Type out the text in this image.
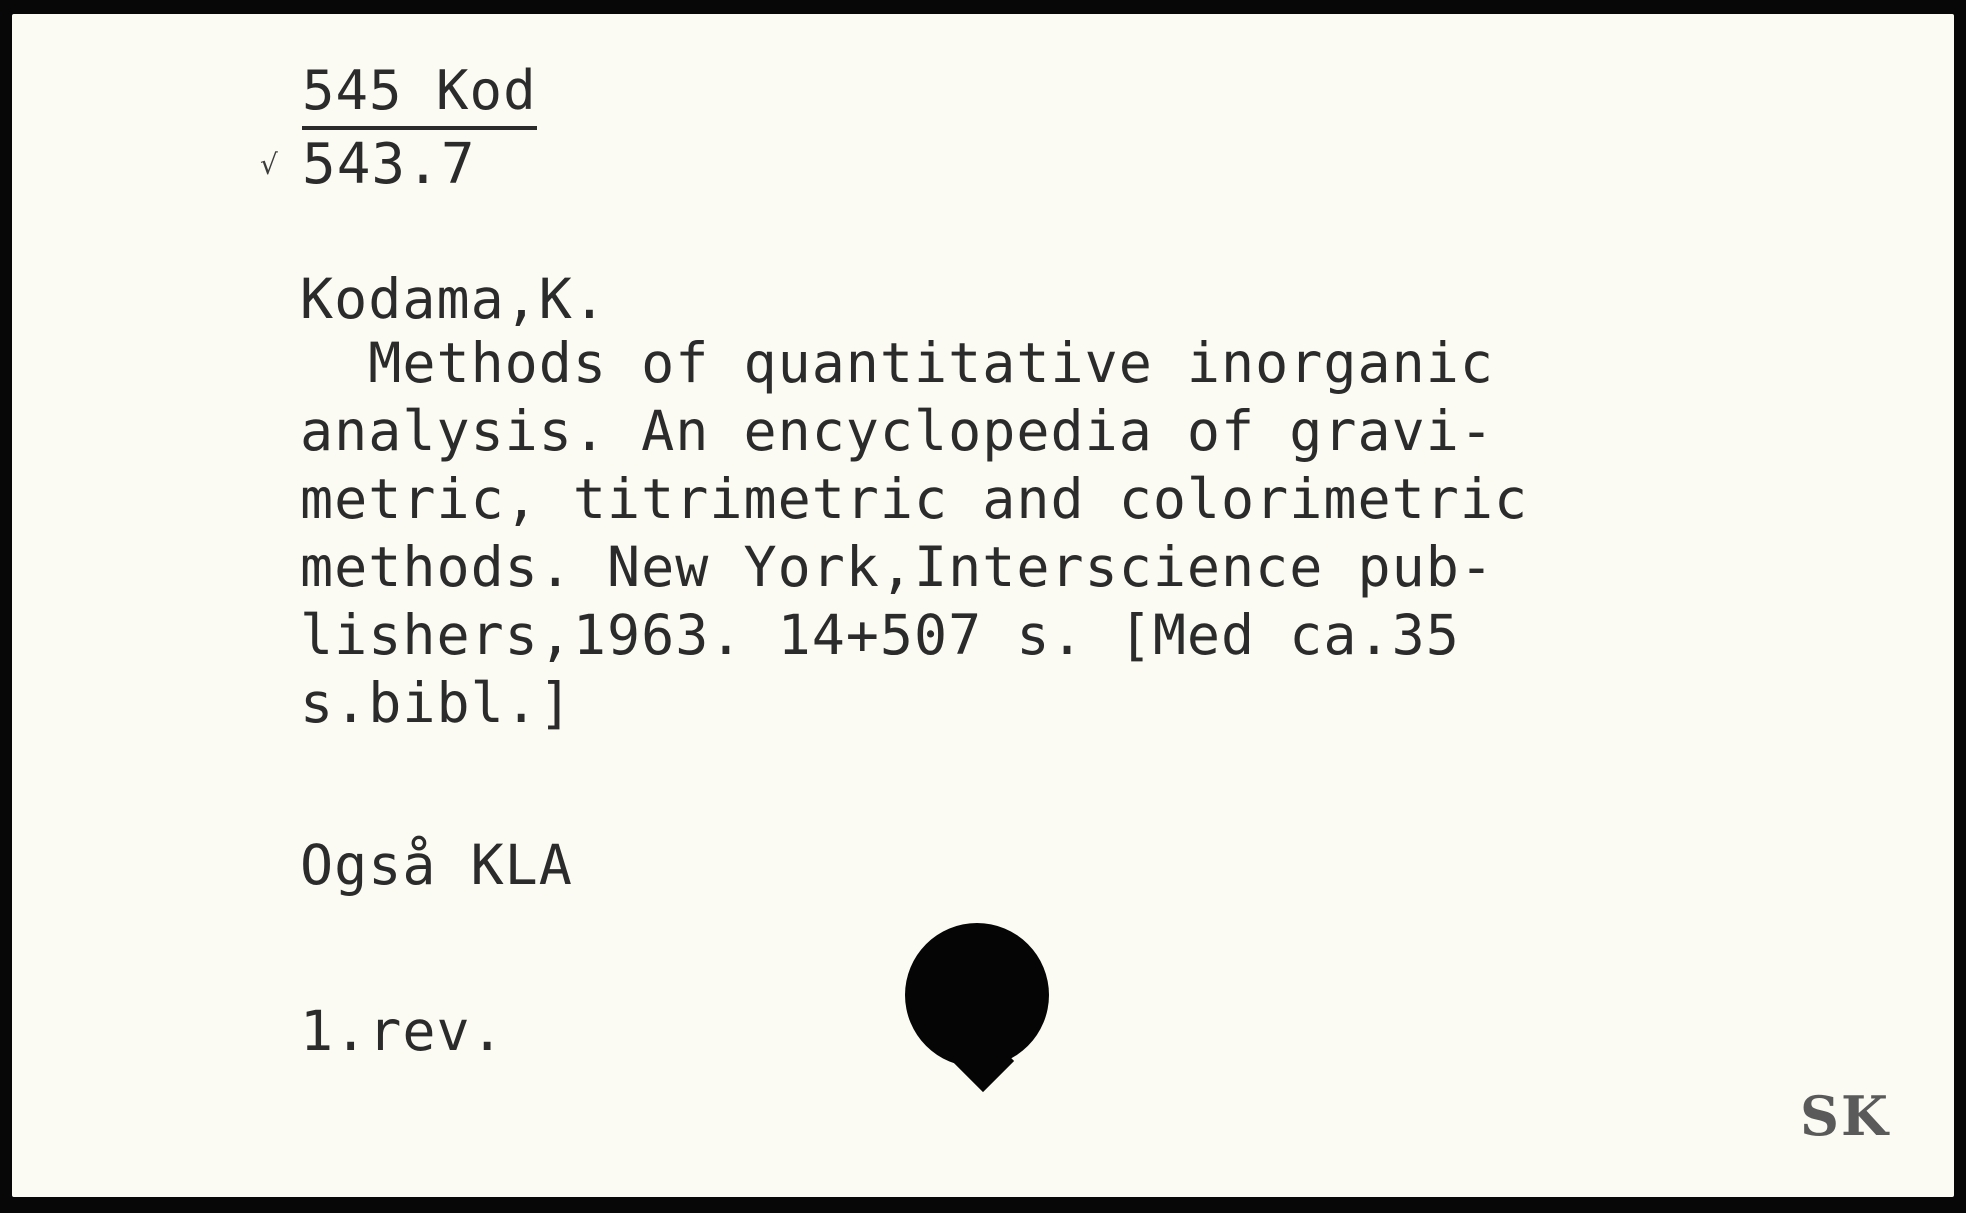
√
545 Kod
543.7
Kodama,K.
Methods of quantitative inorganic
analysis. An encyclopedia of gravi-
metric, titrimetric and colorimetric
methods. New York,Interscience pub-
lishers,1963. 14+507 s. [Med ca.35
s.bibl.]
Også KLA
1.rev.
SK
